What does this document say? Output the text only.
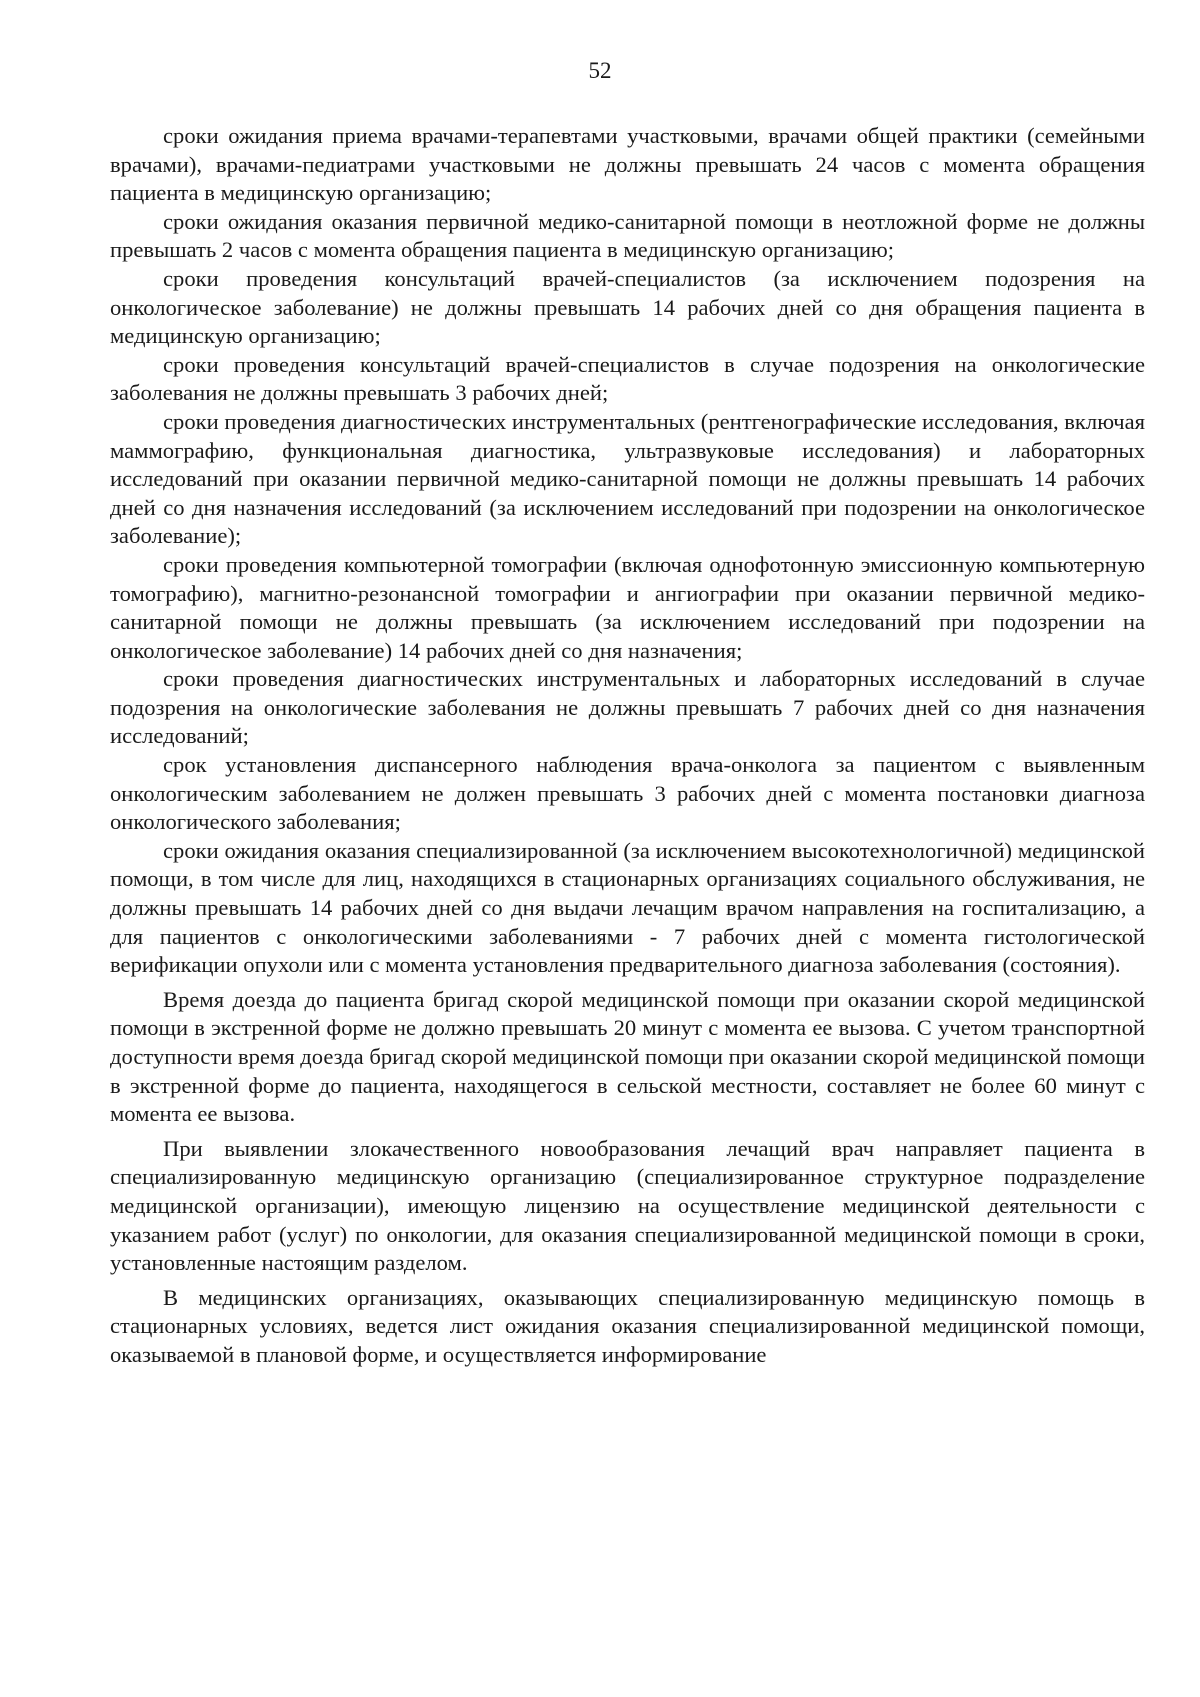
52

сроки ожидания приема врачами-терапевтами участковыми, врачами общей практики (семейными врачами), врачами-педиатрами участковыми не должны превышать 24 часов с момента обращения пациента в медицинскую организацию;

сроки ожидания оказания первичной медико-санитарной помощи в неотложной форме не должны превышать 2 часов с момента обращения пациента в медицинскую организацию;

сроки проведения консультаций врачей-специалистов (за исключением подозрения на онкологическое заболевание) не должны превышать 14 рабочих дней со дня обращения пациента в медицинскую организацию;

сроки проведения консультаций врачей-специалистов в случае подозрения на онкологические заболевания не должны превышать 3 рабочих дней;

сроки проведения диагностических инструментальных (рентгенографические исследования, включая маммографию, функциональная диагностика, ультразвуковые исследования) и лабораторных исследований при оказании первичной медико-санитарной помощи не должны превышать 14 рабочих дней со дня назначения исследований (за исключением исследований при подозрении на онкологическое заболевание);

сроки проведения компьютерной томографии (включая однофотонную эмиссионную компьютерную томографию), магнитно-резонансной томографии и ангиографии при оказании первичной медико-санитарной помощи не должны превышать (за исключением исследований при подозрении на онкологическое заболевание) 14 рабочих дней со дня назначения;

сроки проведения диагностических инструментальных и лабораторных исследований в случае подозрения на онкологические заболевания не должны превышать 7 рабочих дней со дня назначения исследований;

срок установления диспансерного наблюдения врача-онколога за пациентом с выявленным онкологическим заболеванием не должен превышать 3 рабочих дней с момента постановки диагноза онкологического заболевания;

сроки ожидания оказания специализированной (за исключением высокотехнологичной) медицинской помощи, в том числе для лиц, находящихся в стационарных организациях социального обслуживания, не должны превышать 14 рабочих дней со дня выдачи лечащим врачом направления на госпитализацию, а для пациентов с онкологическими заболеваниями - 7 рабочих дней с момента гистологической верификации опухоли или с момента установления предварительного диагноза заболевания (состояния).

Время доезда до пациента бригад скорой медицинской помощи при оказании скорой медицинской помощи в экстренной форме не должно превышать 20 минут с момента ее вызова. С учетом транспортной доступности время доезда бригад скорой медицинской помощи при оказании скорой медицинской помощи в экстренной форме до пациента, находящегося в сельской местности, составляет не более 60 минут с момента ее вызова.

При выявлении злокачественного новообразования лечащий врач направляет пациента в специализированную медицинскую организацию (специализированное структурное подразделение медицинской организации), имеющую лицензию на осуществление медицинской деятельности с указанием работ (услуг) по онкологии, для оказания специализированной медицинской помощи в сроки, установленные настоящим разделом.

В медицинских организациях, оказывающих специализированную медицинскую помощь в стационарных условиях, ведется лист ожидания оказания специализированной медицинской помощи, оказываемой в плановой форме, и осуществляется информирование
